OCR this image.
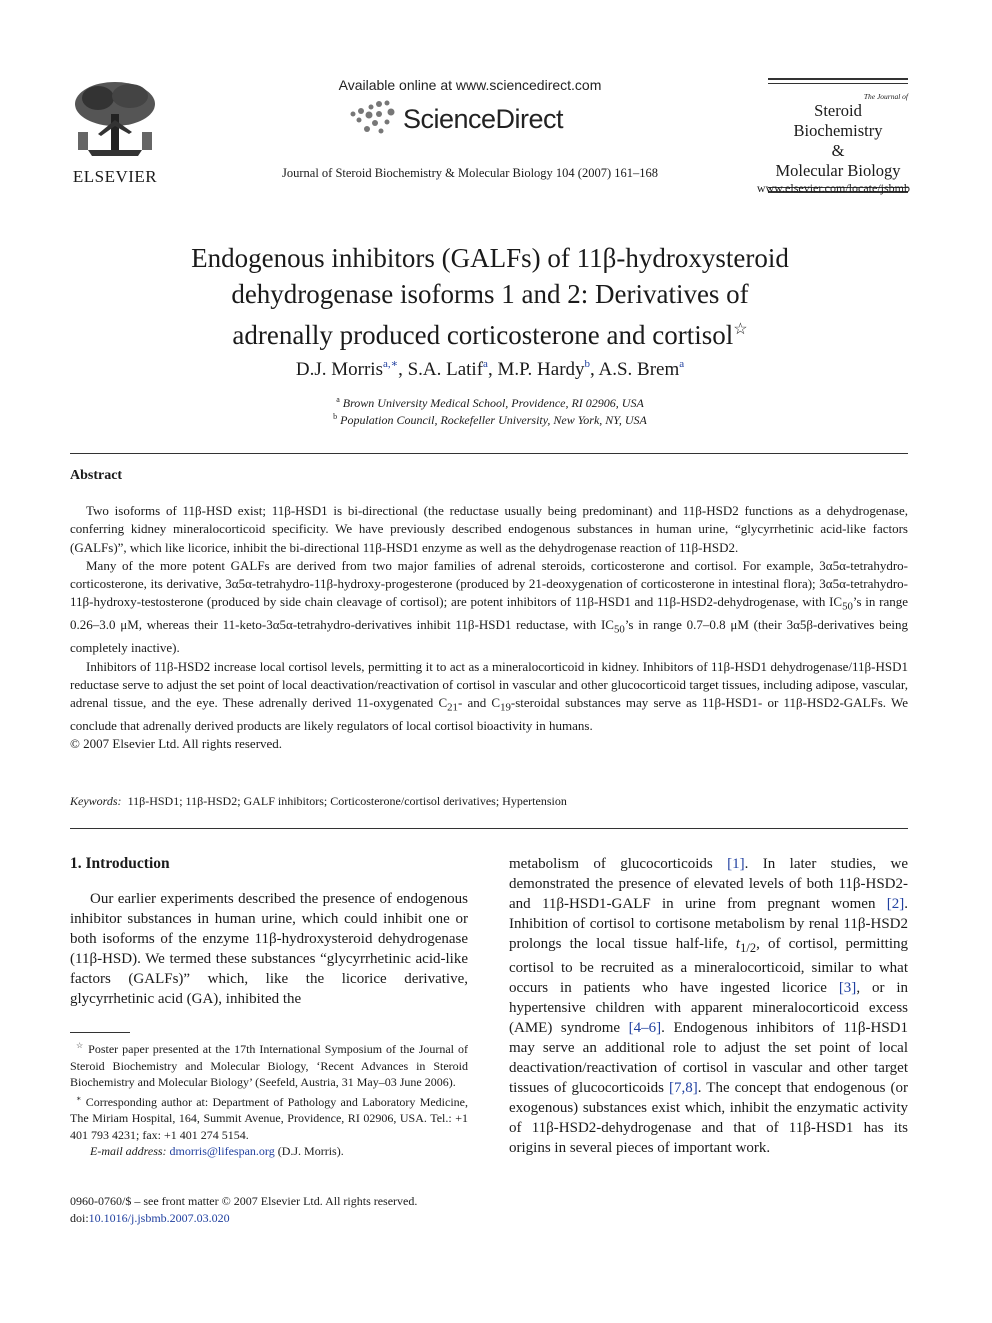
ELSEVIER
Available online at www.sciencedirect.com
ScienceDirect
Journal of Steroid Biochemistry & Molecular Biology 104 (2007) 161–168
The Journal of
Steroid Biochemistry
&
Molecular Biology
www.elsevier.com/locate/jsbmb
Endogenous inhibitors (GALFs) of 11β-hydroxysteroid
dehydrogenase isoforms 1 and 2: Derivatives of
adrenally produced corticosterone and cortisol☆
D.J. Morris$^{a,∗}$, S.A. Latif$^a$, M.P. Hardy$^b$, A.S. Brem$^a$
$^a$ Brown University Medical School, Providence, RI 02906, USA
$^b$ Population Council, Rockefeller University, New York, NY, USA
Abstract

Two isoforms of 11β-HSD exist; 11β-HSD1 is bi-directional (the reductase usually being predominant) and 11β-HSD2 functions as a dehydrogenase, conferring kidney mineralocorticoid specificity. We have previously described endogenous substances in human urine, “glycyrrhetinic acid-like factors (GALFs)”, which like licorice, inhibit the bi-directional 11β-HSD1 enzyme as well as the dehydrogenase reaction of 11β-HSD2.

Many of the more potent GALFs are derived from two major families of adrenal steroids, corticosterone and cortisol. For example, 3α5α-tetrahydro-corticosterone, its derivative, 3α5α-tetrahydro-11β-hydroxy-progesterone (produced by 21-deoxygenation of corticosterone in intestinal flora); 3α5α-tetrahydro-11β-hydroxy-testosterone (produced by side chain cleavage of cortisol); are potent inhibitors of 11β-HSD1 and 11β-HSD2-dehydrogenase, with $IC_{50}’s$ in range 0.26–3.0 μM, whereas their 11-keto-3α5α-tetrahydro-derivatives inhibit 11β-HSD1 reductase, with $IC_{50}’s$ in range 0.7–0.8 μM (their 3α5β-derivatives being completely inactive).

Inhibitors of 11β-HSD2 increase local cortisol levels, permitting it to act as a mineralocorticoid in kidney. Inhibitors of 11β-HSD1 dehydrogenase/11β-HSD1 reductase serve to adjust the set point of local deactivation/reactivation of cortisol in vascular and other glucocorticoid target tissues, including adipose, vascular, adrenal tissue, and the eye. These adrenally derived 11-oxygenated $C_{21}-$ and $C_{19}$-steroidal substances may serve as 11β-HSD1- or 11β-HSD2-GALFs. We conclude that adrenally derived products are likely regulators of local cortisol bioactivity in humans.

© 2007 Elsevier Ltd. All rights reserved.

Keywords: 11β-HSD1; 11β-HSD2; GALF inhibitors; Corticosterone/cortisol derivatives; Hypertension
1. Introduction

Our earlier experiments described the presence of endogenous inhibitor substances in human urine, which could inhibit one or both isoforms of the enzyme 11β-hydroxysteroid dehydrogenase (11β-HSD). We termed these substances “glycyrrhetinic acid-like factors (GALFs)” which, like the licorice derivative, glycyrrhetinic acid (GA), inhibited the

metabolism of glucocorticoids [1]. In later studies, we demonstrated the presence of elevated levels of both 11β-HSD2- and 11β-HSD1-GALF in urine from pregnant women [2]. Inhibition of cortisol to cortisone metabolism by renal 11β-HSD2 prolongs the local tissue half-life, $t_{1/2}$, of cortisol, permitting cortisol to be recruited as a mineralocorticoid, similar to what occurs in patients who have ingested licorice [3], or in hypertensive children with apparent mineralocorticoid excess (AME) syndrome [4–6]. Endogenous inhibitors of 11β-HSD1 may serve an additional role to adjust the set point of local deactivation/reactivation of cortisol in vascular and other target tissues of glucocorticoids [7,8]. The concept that endogenous (or exogenous) substances exist which, inhibit the enzymatic activity of 11β-HSD2-dehydrogenase and that of 11β-HSD1 has its origins in several pieces of important work.

☆ Poster paper presented at the 17th International Symposium of the Journal of Steroid Biochemistry and Molecular Biology, ‘Recent Advances in Steroid Biochemistry and Molecular Biology’ (Seefeld, Austria, 31 May–03 June 2006).

∗ Corresponding author at: Department of Pathology and Laboratory Medicine, The Miriam Hospital, 164, Summit Avenue, Providence, RI 02906, USA. Tel.: +1 401 793 4231; fax: +1 401 274 5154.

E-mail address: dmorris@lifespan.org (D.J. Morris).

0960-0760/$ – see front matter © 2007 Elsevier Ltd. All rights reserved.
doi:10.1016/j.jsbmb.2007.03.020
